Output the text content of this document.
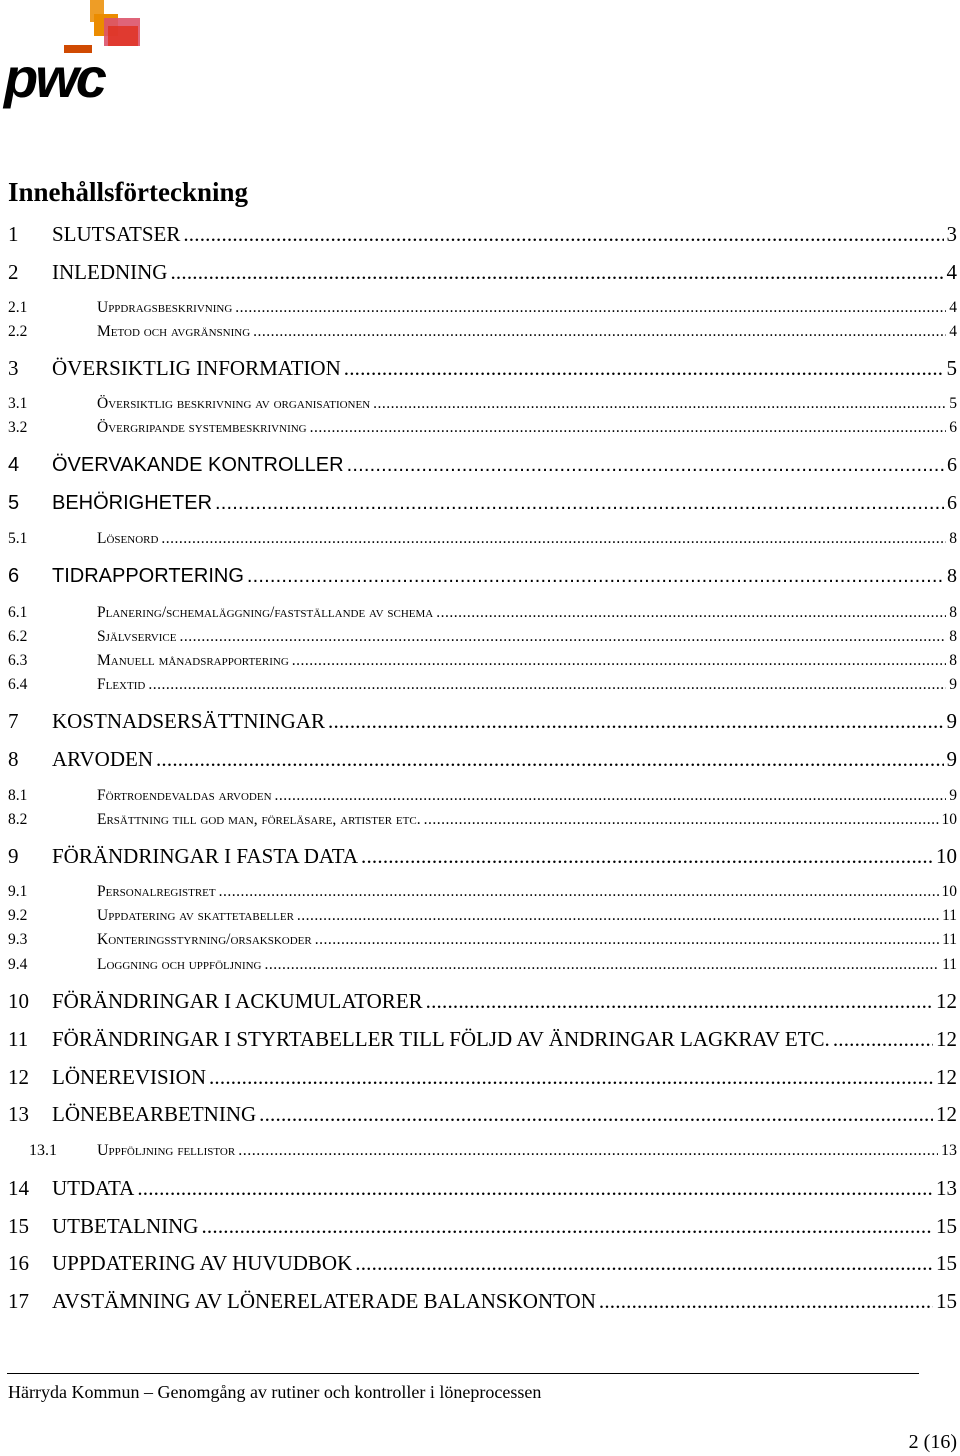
pwc
Innehållsförteckning
1	SLUTSATSER .....	3
2	INLEDNING .....	4
2.1	Uppdragsbeskrivning .....	4
2.2	Metod och avgränsning .....	4
3	ÖVERSIKTLIG INFORMATION .....	5
3.1	Översiktlig beskrivning av organisationen .....	5
3.2	Övergripande systembeskrivning .....	6
4	ÖVERVAKANDE KONTROLLER .....	6
5	BEHÖRIGHETER .....	6
5.1	Lösenord .....	8
6	TIDRAPPORTERING .....	8
6.1	Planering/schemaläggning/fastställande av schema .....	8
6.2	Självservice .....	8
6.3	Manuell månadsrapportering .....	8
6.4	Flextid .....	9
7	KOSTNADSERSÄTTNINGAR .....	9
8	ARVODEN .....	9
8.1	Förtroendevaldas arvoden .....	9
8.2	Ersättning till god man, föreläsare, artister etc. .....	10
9	FÖRÄNDRINGAR I FASTA DATA .....	10
9.1	Personalregistret .....	10
9.2	Uppdatering av skattetabeller .....	11
9.3	Konteringsstyrning/orsakskoder .....	11
9.4	Loggning och uppföljning .....	11
10	FÖRÄNDRINGAR I ACKUMULATORER .....	12
11	FÖRÄNDRINGAR I STYRTABELLER TILL FÖLJD AV ÄNDRINGAR LAGKRAV ETC. .....	12
12	LÖNEREVISION .....	12
13	LÖNEBEARBETNING .....	12
13.1	Uppföljning fellistor .....	13
14	UTDATA .....	13
15	UTBETALNING .....	15
16	UPPDATERING AV HUVUDBOK .....	15
17	AVSTÄMNING AV LÖNERELATERADE BALANSKONTON .....	15
Härryda Kommun – Genomgång av rutiner och kontroller i löneprocessen
2 (16)
